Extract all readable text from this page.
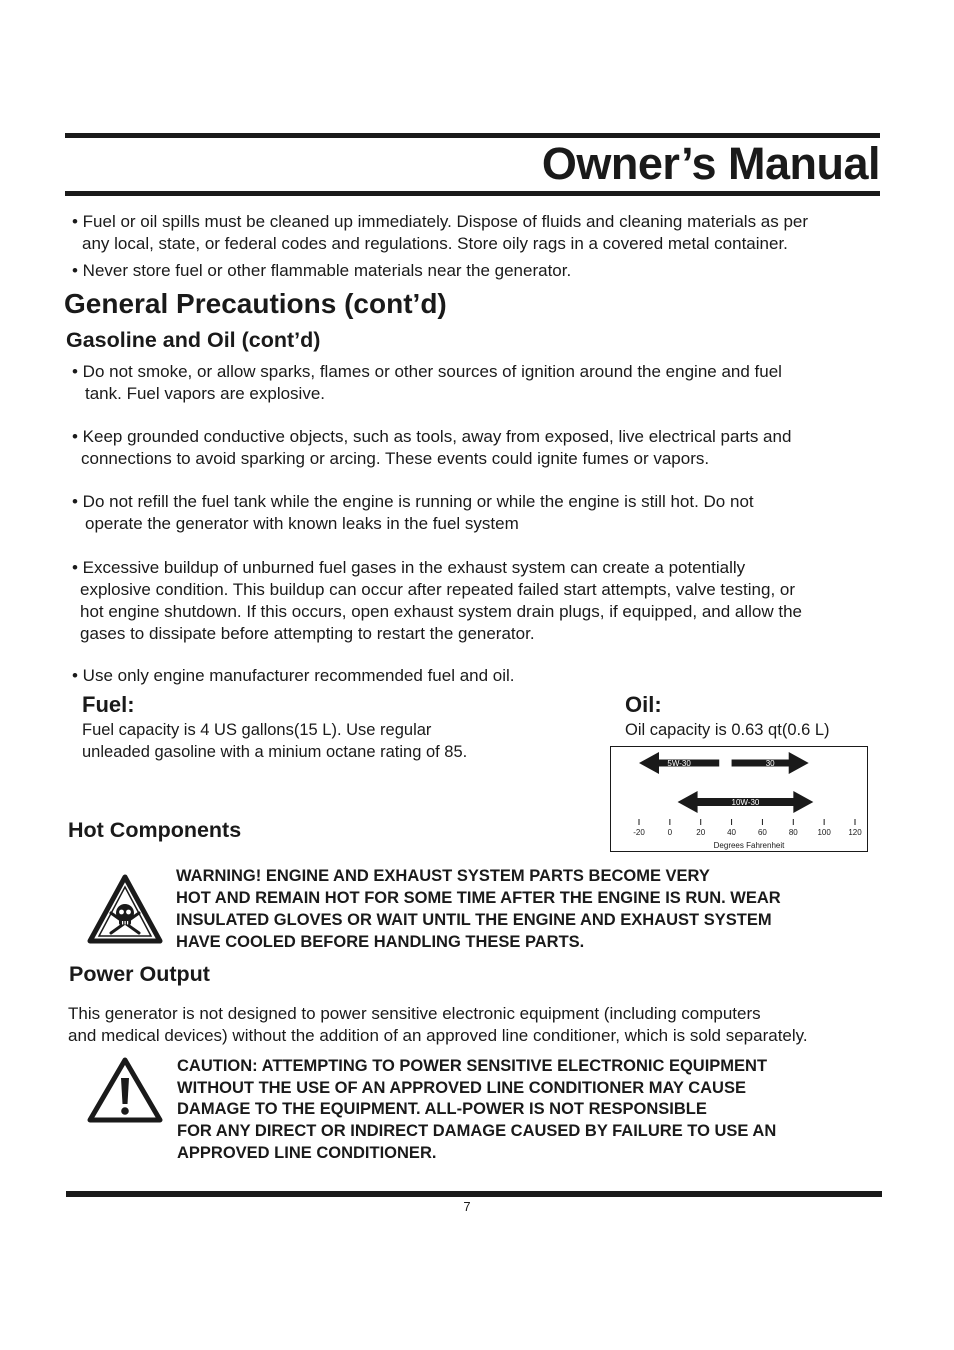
Owner’s Manual

• Fuel or oil spills must be cleaned up immediately. Dispose of fluids and cleaning materials as per

any local, state, or federal codes and regulations. Store oily rags in a covered metal container.

• Never store fuel or other flammable materials near the generator.

General Precautions (cont’d)
Gasoline and Oil (cont’d)

• Do not smoke, or allow sparks, flames or other sources of ignition around the engine and fuel

tank. Fuel vapors are explosive.

• Keep grounded conductive objects, such as tools, away from exposed, live electrical parts and

connections to avoid sparking or arcing. These events could ignite fumes or vapors.

• Do not refill the fuel tank while the engine is running or while the engine is still hot. Do not

operate the generator with known leaks in the fuel system

• Excessive buildup of unburned fuel gases in the exhaust system can create a potentially

explosive condition. This buildup can occur after repeated failed start attempts, valve testing, or

hot engine shutdown. If this occurs, open exhaust system drain plugs, if equipped, and allow the

gases to dissipate before attempting to restart the generator.

• Use only engine manufacturer recommended fuel and oil.

Fuel:
Fuel capacity is 4 US gallons(15 L). Use regular
unleaded gasoline with a minium octane rating of 85.
Oil:
Oil capacity is 0.63 qt(0.6 L)
5W-30	30
10W-30
-20	0	20	40	60	80 100 120
Degrees Fahrenheit
Hot Components
WARNING! ENGINE AND EXHAUST SYSTEM PARTS BECOME VERY
HOT AND REMAIN HOT FOR SOME TIME AFTER THE ENGINE IS RUN. WEAR
INSULATED GLOVES OR WAIT UNTIL THE ENGINE AND EXHAUST SYSTEM
HAVE COOLED BEFORE HANDLING THESE PARTS.
Power Output
This generator is not designed to power sensitive electronic equipment (including computers
and medical devices) without the addition of an approved line conditioner, which is sold separately.
CAUTION: ATTEMPTING TO POWER SENSITIVE ELECTRONIC EQUIPMENT
WITHOUT THE USE OF AN APPROVED LINE CONDITIONER MAY CAUSE
DAMAGE TO THE EQUIPMENT. ALL-POWER IS NOT RESPONSIBLE
FOR ANY DIRECT OR INDIRECT DAMAGE CAUSED BY FAILURE TO USE AN
APPROVED LINE CONDITIONER.
7
